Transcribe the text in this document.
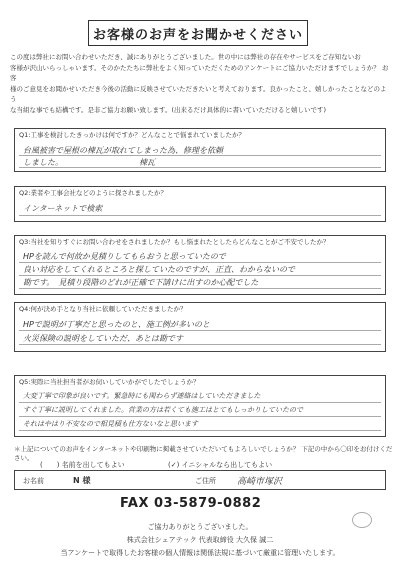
お客様のお声をお聞かせください

この度は弊社にお問い合わせいただき、誠にありがとうございました。世の中には弊社の存在やサービスをご存知ないお

客様が沢山いらっしゃいます。そのかたたちに弊社をよく知っていただくためのアンケートにご協力いただけますでしょうか？ お客

様のご意見をお聞かせいただき今後の活動に反映させていただきたいと考えております。良かったこと、嬉しかったことなどのよう

な当組な事でも結構です。是非ご協力お願い致します。(出来るだけ具体的に書いていただけると嬉しいです)

Q1:工事を検討したきっかけは何ですか？どんなことで悩まれていましたか？
台風被害で屋根の棟瓦が取れてしまった為、修理を依頼
しました。　　　　　　　　　　棟瓦
Q2:業者や工事会社などのように探されましたか？
インターネットで検索
Q3:当社を知りすぐにお問い合わせをされましたか？もし悩まれたとしたらどんなことがご不安でしたか？
HPを読んで何故か見積りしてもらおうと思っていたので
良い対応をしてくれるところと探していたのですが、正直、わからないので
勘です。　見積り段階のどれが正確で下請けに出すのか心配でした
Q4:何が決め手となり当社に依頼していただきましたか？
HPで説明が丁寧だと思ったのと、施工例が多いのと
火災保険の説明をしていただ、あとは勘です
Q5:実際に当社担当者がお伺いしていかがでしたでしょうか？
大変丁寧で印象が良いです。緊急時にも関わらず連絡はしていただきました
すぐ丁寧に説明してくれました。営業の方は若くても施工はとてもしっかりしていたので
それはやはり不安なので相見積も仕方ないなと思います
＊上記についてのお声をインターネットや印刷物に掲載させていただいてもよろしいでしょうか？ 下記の中から〇印をお付けください。
(　　) 名前を出してもよい	(✓) イニシャルなら出してもよい
お名前	N 様	ご住所 高崎市塚沢
FAX 03-5879-0882
ご協力ありがとうございました。
株式会社シェアテック 代表取締役 大久保 誠二
当アンケートで取得したお客様の個人情報は関係法規に基づいて厳重に管理いたします。
